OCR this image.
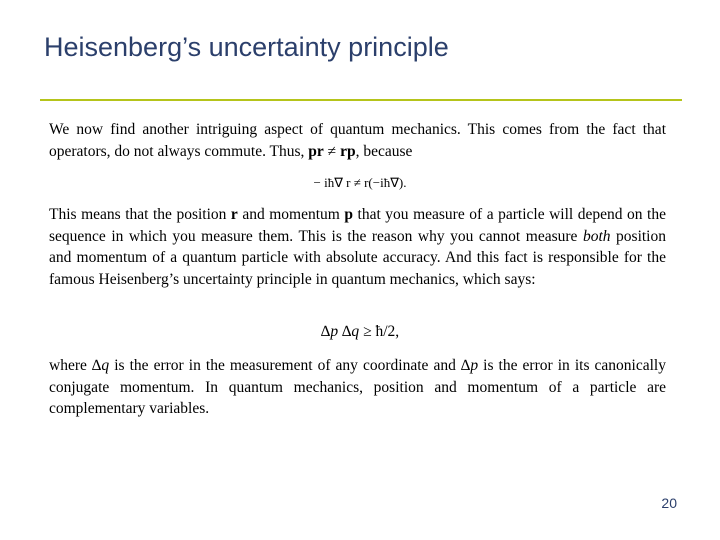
Heisenberg’s uncertainty principle

We now find another intriguing aspect of quantum mechanics. This comes from the fact that operators, do not always commute. Thus, pr ≠ rp, because

− iħ∇ r ≠ r(−iħ∇).

This means that the position r and momentum p that you measure of a particle will depend on the sequence in which you measure them. This is the reason why you cannot measure both position and momentum of a quantum particle with absolute accuracy. And this fact is responsible for the famous Heisenberg’s uncertainty principle in quantum mechanics, which says:

∆p ∆q ≥ ħ/2,

where ∆q is the error in the measurement of any coordinate and ∆p is the error in its canonically conjugate momentum. In quantum mechanics, position and momentum of a particle are complementary variables.

20
